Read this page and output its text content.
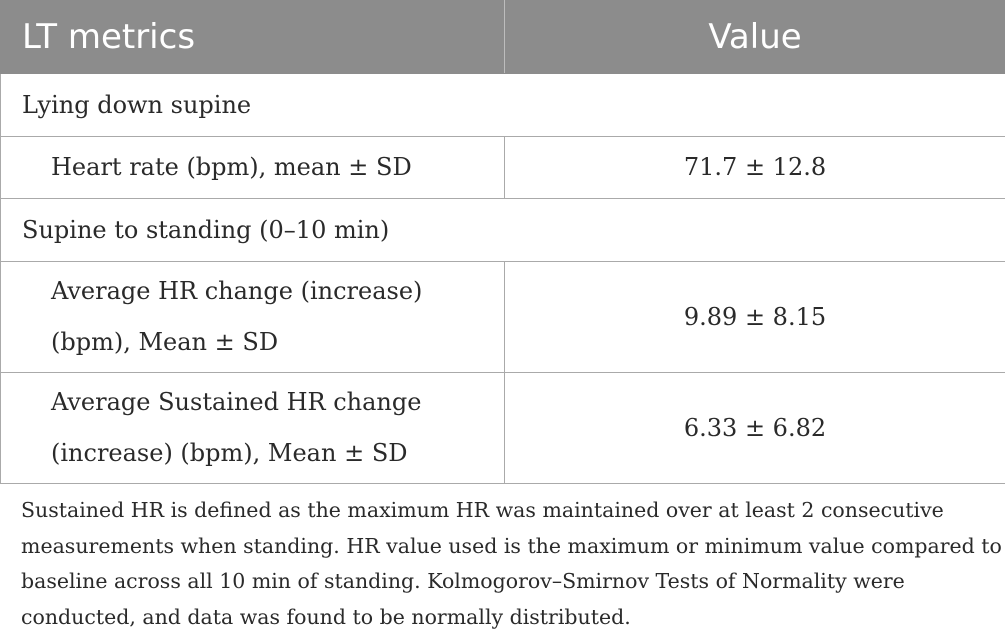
LT metrics	Value
Lying down supine	
Heart rate (bpm), mean ± SD	71.7 ± 12.8
Supine to standing (0–10 min)	
Average HR change (increase) (bpm), Mean ± SD	9.89 ± 8.15
Average Sustained HR change (increase) (bpm), Mean ± SD	6.33 ± 6.82

Sustained HR is defined as the maximum HR was maintained over at least 2 consecutive measurements when standing. HR value used is the maximum or minimum value compared to baseline across all 10 min of standing. Kolmogorov–Smirnov Tests of Normality were conducted, and data was found to be normally distributed.
